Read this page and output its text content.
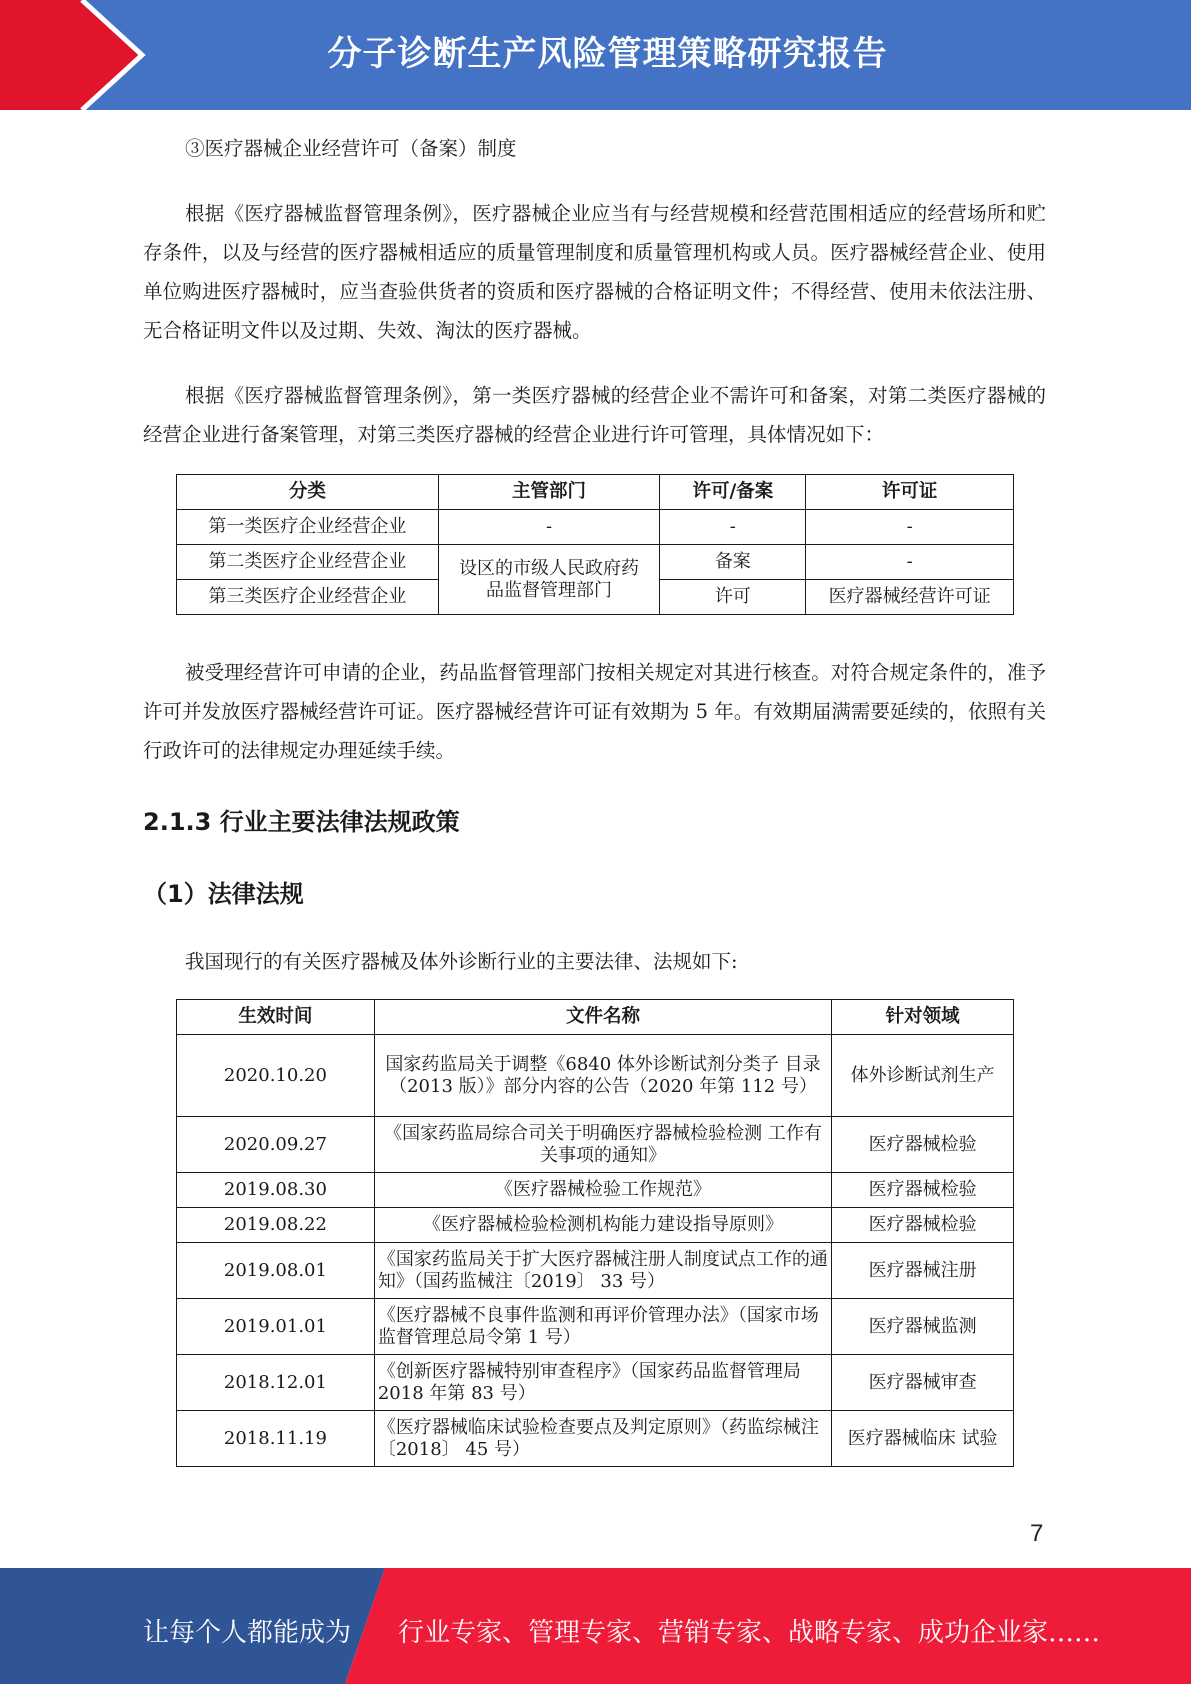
分子诊断生产风险管理策略研究报告

③医疗器械企业经营许可（备案）制度

根据《医疗器械监督管理条例》，医疗器械企业应当有与经营规模和经营范围相适应的经营场所和贮存条件，以及与经营的医疗器械相适应的质量管理制度和质量管理机构或人员。医疗器械经营企业、使用单位购进医疗器械时，应当查验供货者的资质和医疗器械的合格证明文件；不得经营、使用未依法注册、无合格证明文件以及过期、失效、淘汰的医疗器械。

根据《医疗器械监督管理条例》，第一类医疗器械的经营企业不需许可和备案，对第二类医疗器械的经营企业进行备案管理，对第三类医疗器械的经营企业进行许可管理，具体情况如下：

分类	主管部门	许可/备案	许可证
第一类医疗企业经营企业	-	-	-
第二类医疗企业经营企业	设区的市级人民政府药品监督管理部门	备案	-
第三类医疗企业经营企业		许可	医疗器械经营许可证

被受理经营许可申请的企业，药品监督管理部门按相关规定对其进行核查。对符合规定条件的，准予许可并发放医疗器械经营许可证。医疗器械经营许可证有效期为 5 年。有效期届满需要延续的，依照有关行政许可的法律规定办理延续手续。

2.1.3 行业主要法律法规政策
（1）法律法规

我国现行的有关医疗器械及体外诊断行业的主要法律、法规如下:

生效时间	文件名称	针对领域
2020.10.20	国家药监局关于调整《6840 体外诊断试剂分类子 目录（2013 版）》部分内容的公告（2020 年第 112 号）	体外诊断试剂生产
2020.09.27	《国家药监局综合司关于明确医疗器械检验检测 工作有关事项的通知》	医疗器械检验
2019.08.30	《医疗器械检验工作规范》	医疗器械检验
2019.08.22	《医疗器械检验检测机构能力建设指导原则》	医疗器械检验
2019.08.01	《国家药监局关于扩大医疗器械注册人制度试点工作的通知》（国药监械注〔2019〕 33 号）	医疗器械注册
2019.01.01	《医疗器械不良事件监测和再评价管理办法》（国家市场监督管理总局令第 1 号）	医疗器械监测
2018.12.01	《创新医疗器械特别审查程序》（国家药品监督管理局 2018 年第 83 号）	医疗器械审查
2018.11.19	《医疗器械临床试验检查要点及判定原则》（药监综械注〔2018〕 45 号）	医疗器械临床 试验
7
让每个人都能成为 行业专家、管理专家、营销专家、战略专家、成功企业家……
